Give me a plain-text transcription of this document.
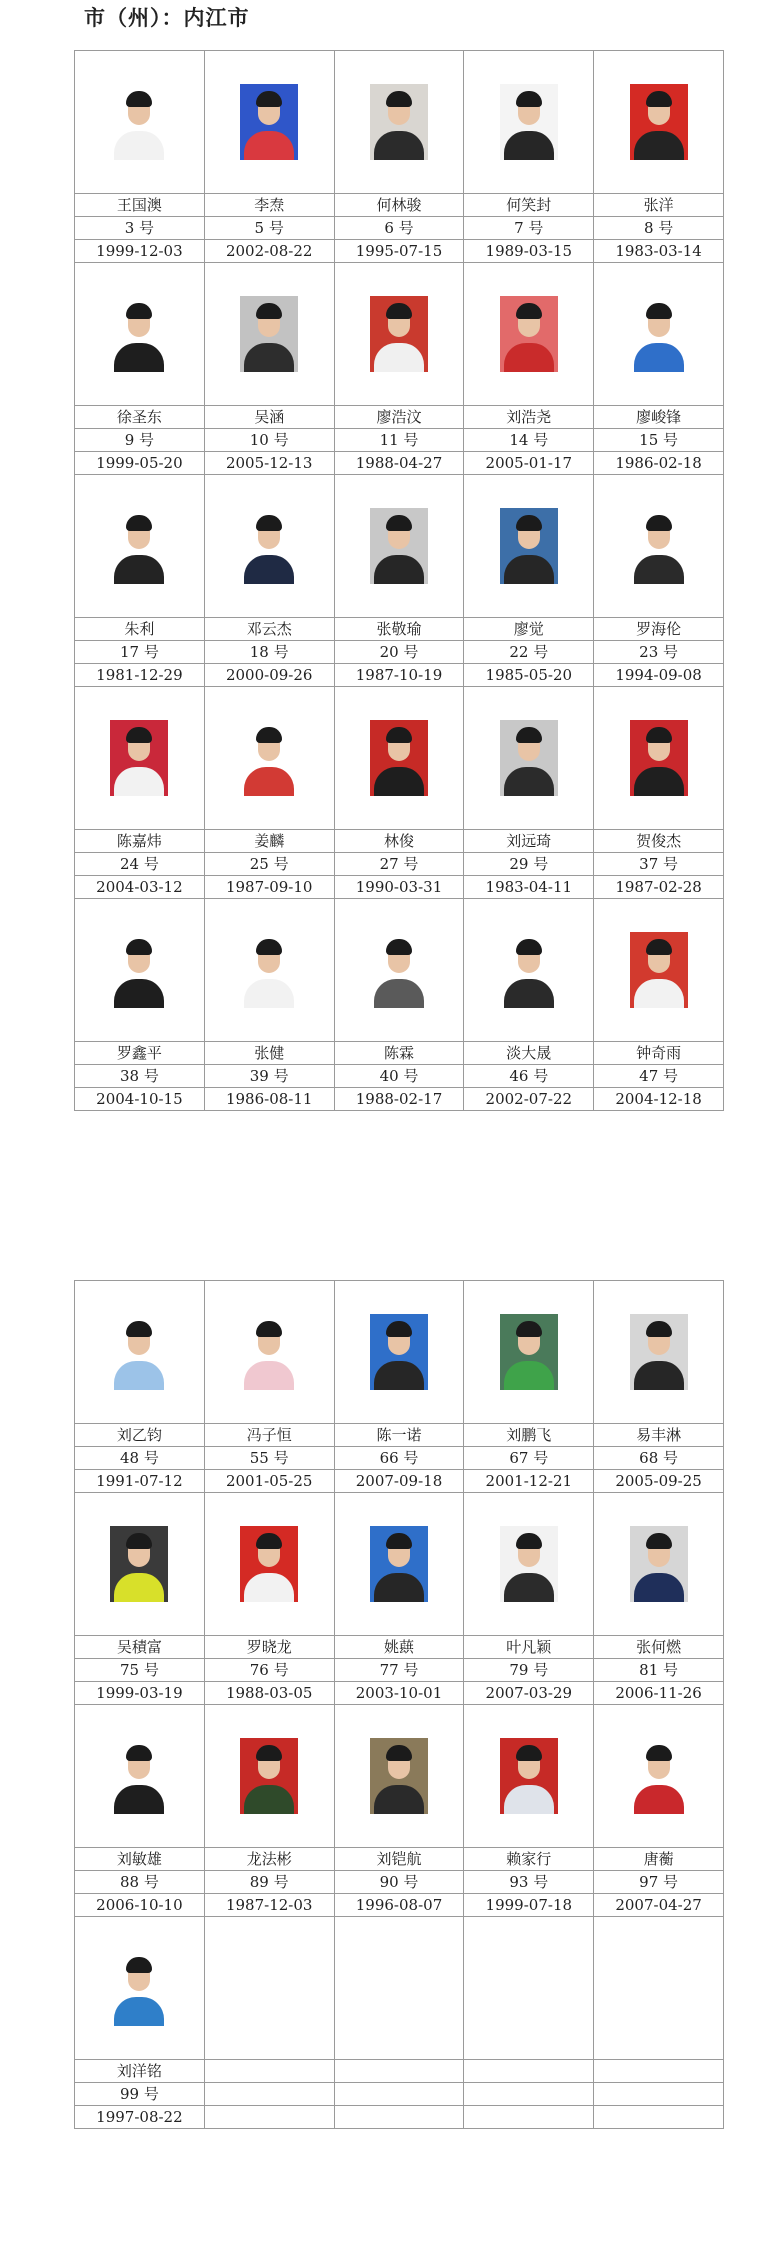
市（州）：内江市

王国澳	李焘	何林骏	何笑封	张洋
3 号	5 号	6 号	7 号	8 号
1999-12-03	2002-08-22	1995-07-15	1989-03-15	1983-03-14

徐圣东	吴涵	廖浩汶	刘浩尧	廖峻锋
9 号	10 号	11 号	14 号	15 号
1999-05-20	2005-12-13	1988-04-27	2005-01-17	1986-02-18

朱利	邓云杰	张敬瑜	廖觉	罗海伦
17 号	18 号	20 号	22 号	23 号
1981-12-29	2000-09-26	1987-10-19	1985-05-20	1994-09-08

陈嘉炜	姜麟	林俊	刘远琦	贺俊杰
24 号	25 号	27 号	29 号	37 号
2004-03-12	1987-09-10	1990-03-31	1983-04-11	1987-02-28

罗鑫平	张健	陈霖	淡大晟	钟奇雨
38 号	39 号	40 号	46 号	47 号
2004-10-15	1986-08-11	1988-02-17	2002-07-22	2004-12-18

刘乙钧	冯子恒	陈一诺	刘鹏飞	易丰淋
48 号	55 号	66 号	67 号	68 号
1991-07-12	2001-05-25	2007-09-18	2001-12-21	2005-09-25

吴積富	罗晓龙	姚蕻	叶凡颖	张何燃
75 号	76 号	77 号	79 号	81 号
1999-03-19	1988-03-05	2003-10-01	2007-03-29	2006-11-26

刘敏雄	龙法彬	刘铠航	赖家行	唐蘅
88 号	89 号	90 号	93 号	97 号
2006-10-10	1987-12-03	1996-08-07	1999-07-18	2007-04-27

刘洋铭				
99 号				
1997-08-22				
